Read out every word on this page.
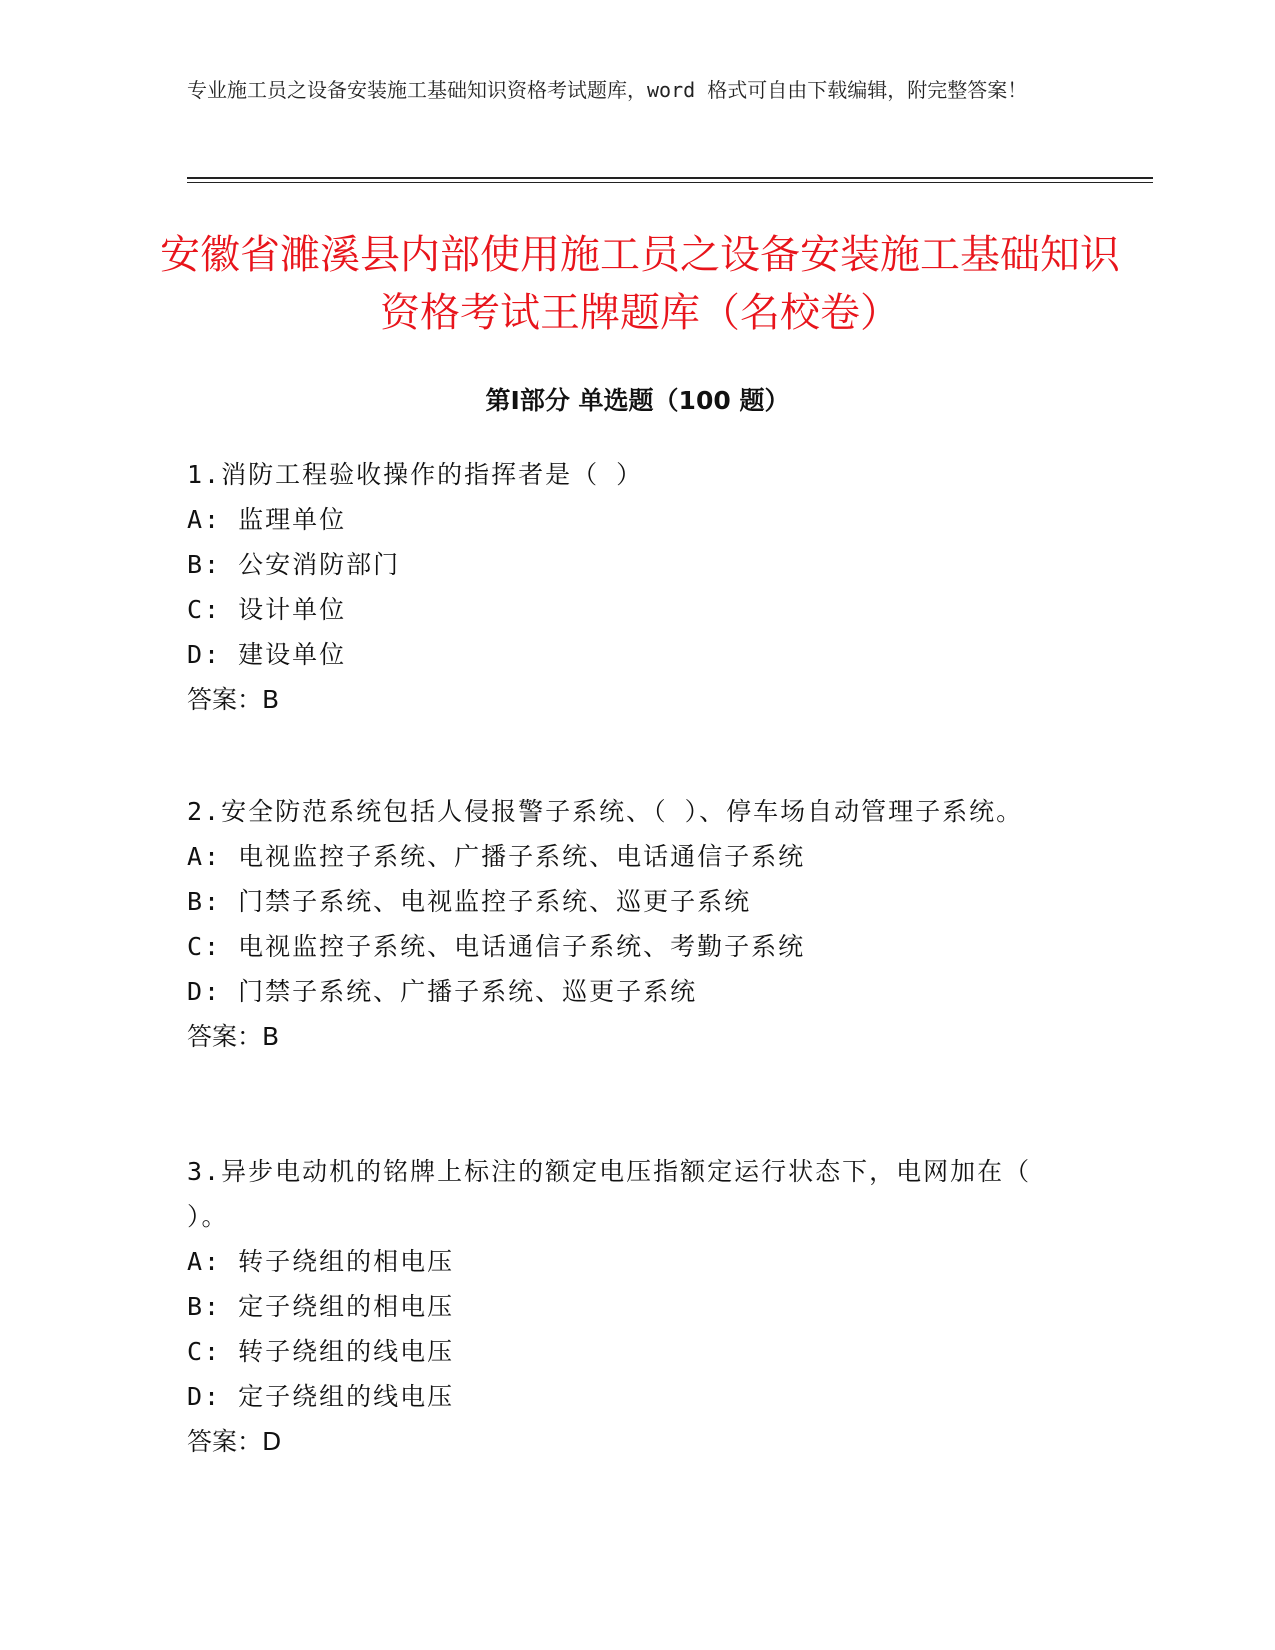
专业施工员之设备安装施工基础知识资格考试题库，word 格式可自由下载编辑，附完整答案！
安徽省濉溪县内部使用施工员之设备安装施工基础知识资格考试王牌题库（名校卷）
第Ⅰ部分 单选题（100 题）

1.消防工程验收操作的指挥者是（ ）

A: 监理单位

B: 公安消防部门

C: 设计单位

D: 建设单位

答案：B

2.安全防范系统包括人侵报警子系统、（ ）、停车场自动管理子系统。

A: 电视监控子系统、广播子系统、电话通信子系统

B: 门禁子系统、电视监控子系统、巡更子系统

C: 电视监控子系统、电话通信子系统、考勤子系统

D: 门禁子系统、广播子系统、巡更子系统

答案：B

3.异步电动机的铭牌上标注的额定电压指额定运行状态下，电网加在（ ）。

A: 转子绕组的相电压

B: 定子绕组的相电压

C: 转子绕组的线电压

D: 定子绕组的线电压

答案：D
